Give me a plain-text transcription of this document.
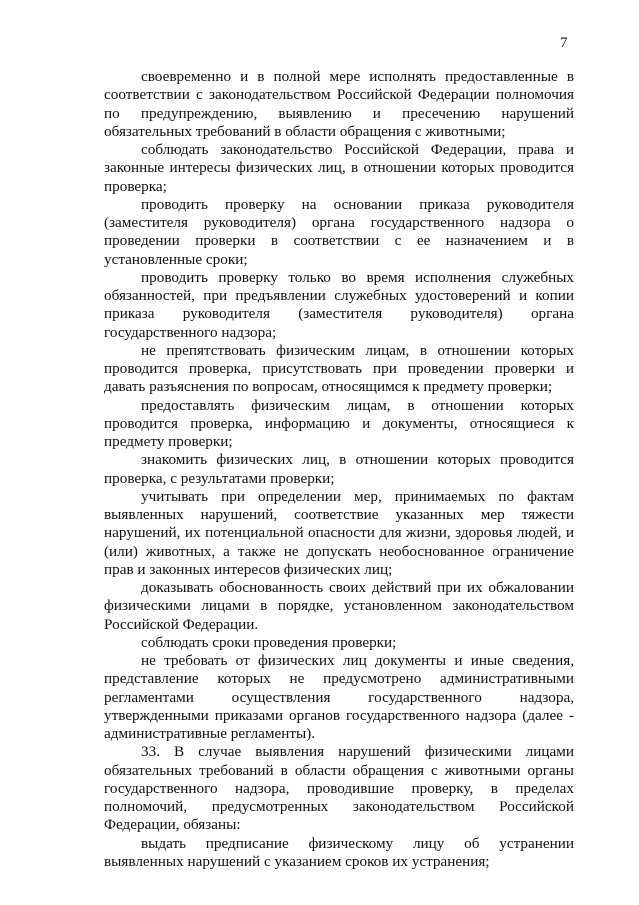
7

своевременно и в полной мере исполнять предоставленные в соответствии с законодательством Российской Федерации полномочия по предупреждению, выявлению и пресечению нарушений обязательных требований в области обращения с животными;

соблюдать законодательство Российской Федерации, права и законные интересы физических лиц, в отношении которых проводится проверка;

проводить проверку на основании приказа руководителя (заместителя руководителя) органа государственного надзора о проведении проверки в соответствии с ее назначением и в установленные сроки;

проводить проверку только во время исполнения служебных обязанностей, при предъявлении служебных удостоверений и копии приказа руководителя (заместителя руководителя) органа государственного надзора;

не препятствовать физическим лицам, в отношении которых проводится проверка, присутствовать при проведении проверки и давать разъяснения по вопросам, относящимся к предмету проверки;

предоставлять физическим лицам, в отношении которых проводится проверка, информацию и документы, относящиеся к предмету проверки;

знакомить физических лиц, в отношении которых проводится проверка, с результатами проверки;

учитывать при определении мер, принимаемых по фактам выявленных нарушений, соответствие указанных мер тяжести нарушений, их потенциальной опасности для жизни, здоровья людей, и (или) животных, а также не допускать необоснованное ограничение прав и законных интересов физических лиц;

доказывать обоснованность своих действий при их обжаловании физическими лицами в порядке, установленном законодательством Российской Федерации.

соблюдать сроки проведения проверки;

не требовать от физических лиц документы и иные сведения, представление которых не предусмотрено административными регламентами осуществления государственного надзора, утвержденными приказами органов государственного надзора (далее - административные регламенты).

33. В случае выявления нарушений физическими лицами обязательных требований в области обращения с животными органы государственного надзора, проводившие проверку, в пределах полномочий, предусмотренных законодательством Российской Федерации, обязаны:

выдать предписание физическому лицу об устранении выявленных нарушений с указанием сроков их устранения;
